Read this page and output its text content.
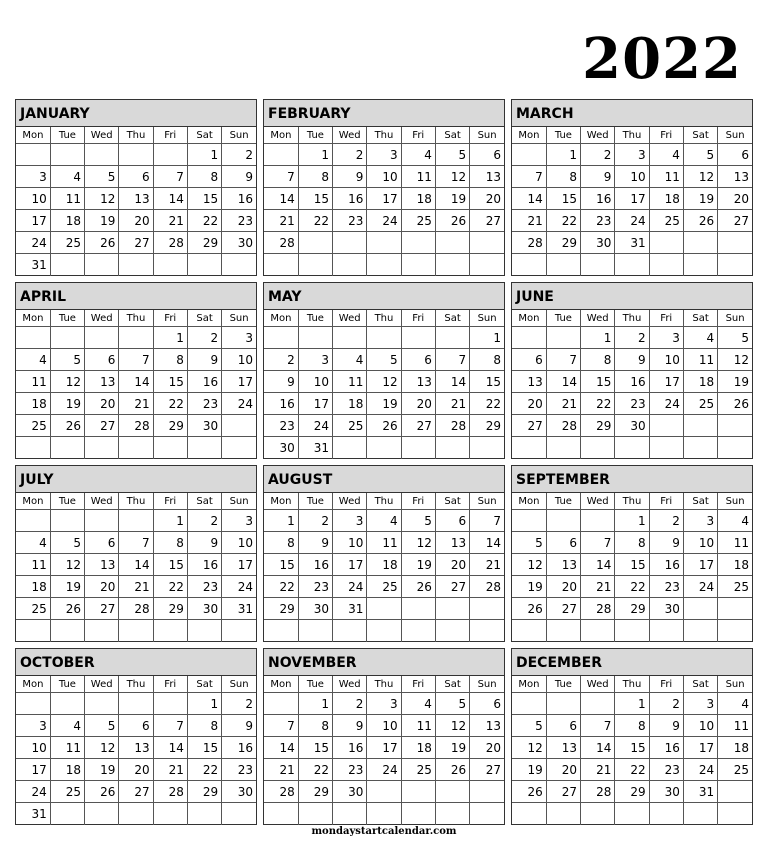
2022
JANUARY
Mon	Tue	Wed	Thu	Fri	Sat	Sun
					1	2
3	4	5	6	7	8	9
10	11	12	13	14	15	16
17	18	19	20	21	22	23
24	25	26	27	28	29	30
31						
FEBRUARY
Mon	Tue	Wed	Thu	Fri	Sat	Sun
	1	2	3	4	5	6
7	8	9	10	11	12	13
14	15	16	17	18	19	20
21	22	23	24	25	26	27
28						

MARCH
Mon	Tue	Wed	Thu	Fri	Sat	Sun
	1	2	3	4	5	6
7	8	9	10	11	12	13
14	15	16	17	18	19	20
21	22	23	24	25	26	27
28	29	30	31			

APRIL
Mon	Tue	Wed	Thu	Fri	Sat	Sun
				1	2	3
4	5	6	7	8	9	10
11	12	13	14	15	16	17
18	19	20	21	22	23	24
25	26	27	28	29	30	

MAY
Mon	Tue	Wed	Thu	Fri	Sat	Sun
						1
2	3	4	5	6	7	8
9	10	11	12	13	14	15
16	17	18	19	20	21	22
23	24	25	26	27	28	29
30	31					
JUNE
Mon	Tue	Wed	Thu	Fri	Sat	Sun
		1	2	3	4	5
6	7	8	9	10	11	12
13	14	15	16	17	18	19
20	21	22	23	24	25	26
27	28	29	30			

JULY
Mon	Tue	Wed	Thu	Fri	Sat	Sun
				1	2	3
4	5	6	7	8	9	10
11	12	13	14	15	16	17
18	19	20	21	22	23	24
25	26	27	28	29	30	31

AUGUST
Mon	Tue	Wed	Thu	Fri	Sat	Sun
1	2	3	4	5	6	7
8	9	10	11	12	13	14
15	16	17	18	19	20	21
22	23	24	25	26	27	28
29	30	31				

SEPTEMBER
Mon	Tue	Wed	Thu	Fri	Sat	Sun
			1	2	3	4
5	6	7	8	9	10	11
12	13	14	15	16	17	18
19	20	21	22	23	24	25
26	27	28	29	30		

OCTOBER
Mon	Tue	Wed	Thu	Fri	Sat	Sun
					1	2
3	4	5	6	7	8	9
10	11	12	13	14	15	16
17	18	19	20	21	22	23
24	25	26	27	28	29	30
31						
NOVEMBER
Mon	Tue	Wed	Thu	Fri	Sat	Sun
	1	2	3	4	5	6
7	8	9	10	11	12	13
14	15	16	17	18	19	20
21	22	23	24	25	26	27
28	29	30				

DECEMBER
Mon	Tue	Wed	Thu	Fri	Sat	Sun
			1	2	3	4
5	6	7	8	9	10	11
12	13	14	15	16	17	18
19	20	21	22	23	24	25
26	27	28	29	30	31	

mondaystartcalendar.com
